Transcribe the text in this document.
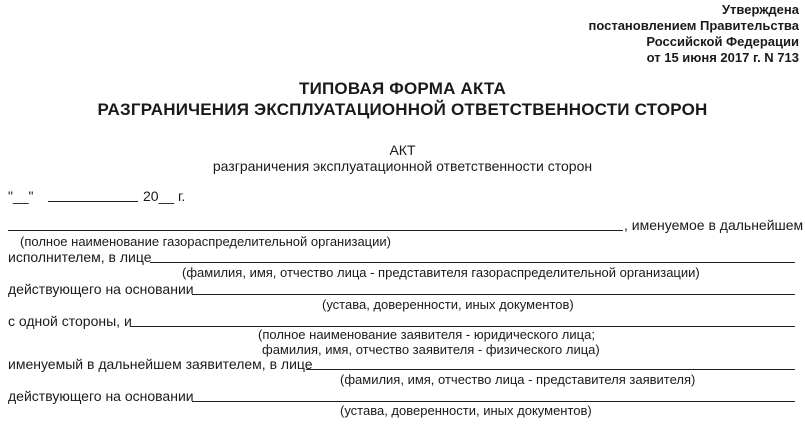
Утверждена
постановлением Правительства
Российской Федерации
от 15 июня 2017 г. N 713
ТИПОВАЯ ФОРМА АКТА
РАЗГРАНИЧЕНИЯ ЭКСПЛУАТАЦИОННОЙ ОТВЕТСТВЕННОСТИ СТОРОН
АКТ
разграничения эксплуатационной ответственности сторон
"__"	20__ г.
, именуемое в дальнейшем
(полное наименование газораспределительной организации)
исполнителем, в лице
(фамилия, имя, отчество лица - представителя газораспределительной организации)
действующего на основании
(устава, доверенности, иных документов)
с одной стороны, и
(полное наименование заявителя - юридического лица;
фамилия, имя, отчество заявителя - физического лица)
именуемый в дальнейшем заявителем, в лице
(фамилия, имя, отчество лица - представителя заявителя)
действующего на основании
(устава, доверенности, иных документов)
